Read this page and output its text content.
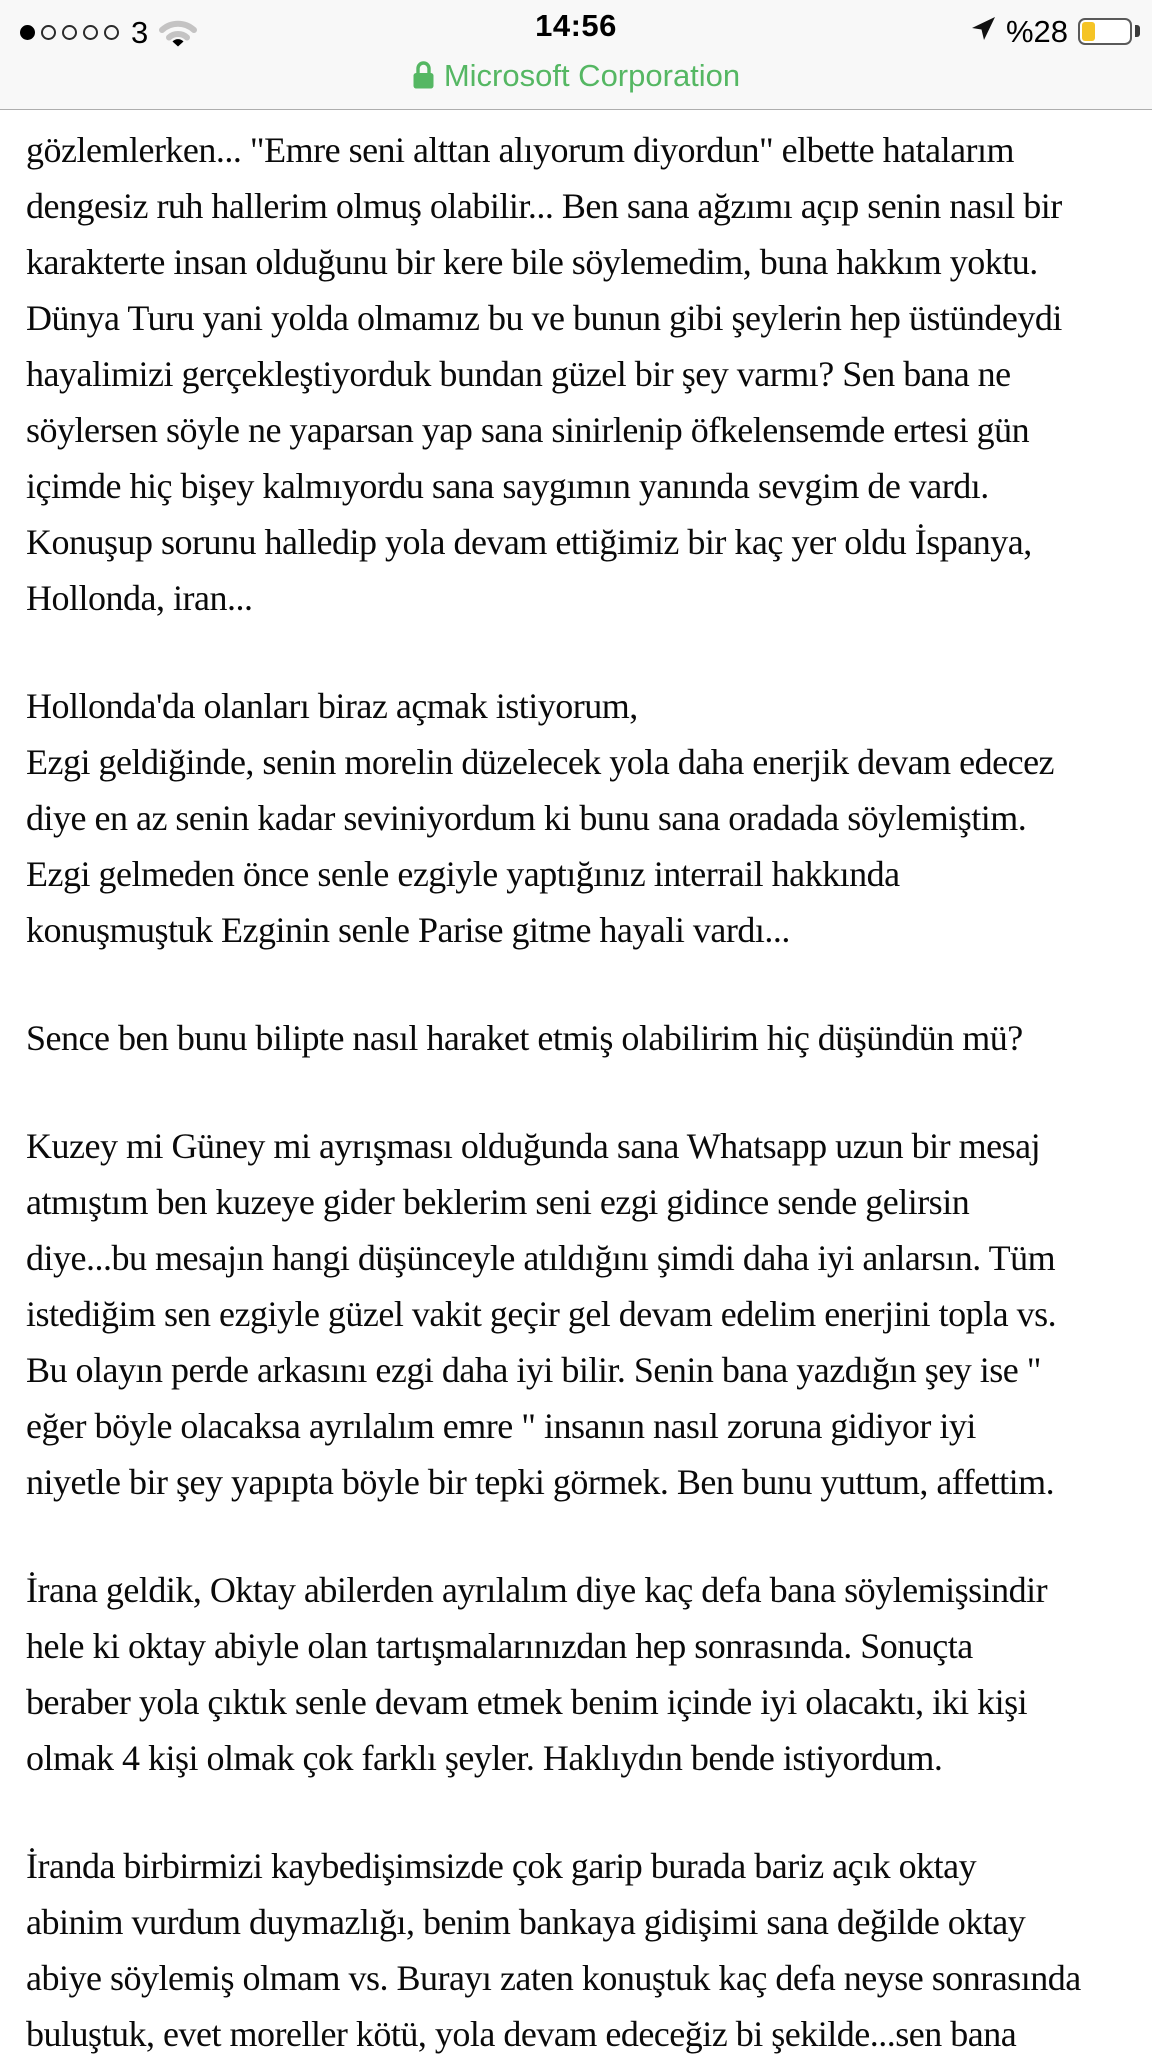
3	14:56	%28
Microsoft Corporation
gözlemlerken... "Emre seni alttan alıyorum diyordun" elbette hatalarım
dengesiz ruh hallerim olmuş olabilir... Ben sana ağzımı açıp senin nasıl bir
karakterte insan olduğunu bir kere bile söylemedim, buna hakkım yoktu.
Dünya Turu yani yolda olmamız bu ve bunun gibi şeylerin hep üstündeydi
hayalimizi gerçekleştiyorduk bundan güzel bir şey varmı? Sen bana ne
söylersen söyle ne yaparsan yap sana sinirlenip öfkelensemde ertesi gün
içimde hiç bişey kalmıyordu sana saygımın yanında sevgim de vardı.
Konuşup sorunu halledip yola devam ettiğimiz bir kaç yer oldu İspanya,
Hollonda, iran...
Hollonda'da olanları biraz açmak istiyorum,
Ezgi geldiğinde, senin morelin düzelecek yola daha enerjik devam edecez
diye en az senin kadar seviniyordum ki bunu sana oradada söylemiştim.
Ezgi gelmeden önce senle ezgiyle yaptığınız interrail hakkında
konuşmuştuk Ezginin senle Parise gitme hayali vardı...
Sence ben bunu bilipte nasıl haraket etmiş olabilirim hiç düşündün mü?
Kuzey mi Güney mi ayrışması olduğunda sana Whatsapp uzun bir mesaj
atmıştım ben kuzeye gider beklerim seni ezgi gidince sende gelirsin
diye...bu mesajın hangi düşünceyle atıldığını şimdi daha iyi anlarsın. Tüm
istediğim sen ezgiyle güzel vakit geçir gel devam edelim enerjini topla vs.
Bu olayın perde arkasını ezgi daha iyi bilir. Senin bana yazdığın şey ise "
eğer böyle olacaksa ayrılalım emre " insanın nasıl zoruna gidiyor iyi
niyetle bir şey yapıpta böyle bir tepki görmek. Ben bunu yuttum, affettim.
İrana geldik, Oktay abilerden ayrılalım diye kaç defa bana söylemişsindir
hele ki oktay abiyle olan tartışmalarınızdan hep sonrasında. Sonuçta
beraber yola çıktık senle devam etmek benim içinde iyi olacaktı, iki kişi
olmak 4 kişi olmak çok farklı şeyler. Haklıydın bende istiyordum.
İranda birbirmizi kaybedişimsizde çok garip burada bariz açık oktay
abinim vurdum duymazlığı, benim bankaya gidişimi sana değilde oktay
abiye söylemiş olmam vs. Burayı zaten konuştuk kaç defa neyse sonrasında
buluştuk, evet moreller kötü, yola devam edeceğiz bi şekilde...sen bana
